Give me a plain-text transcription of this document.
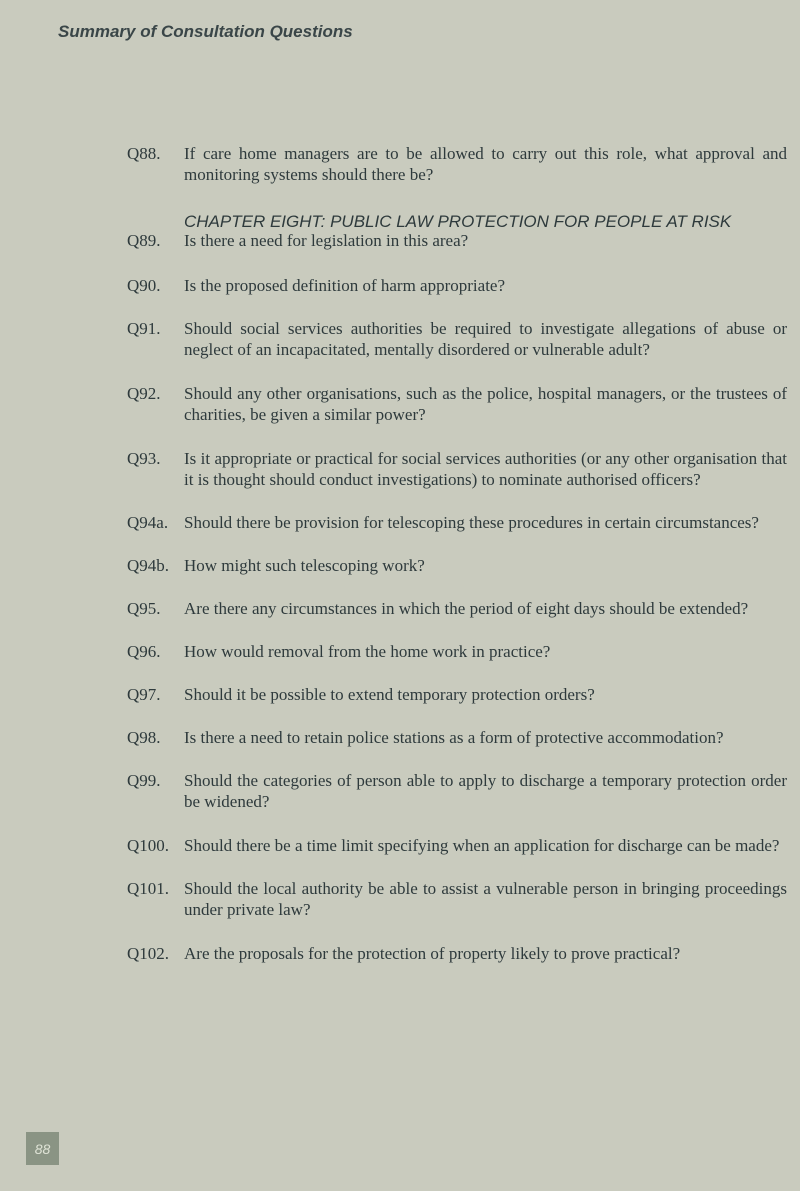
Summary of Consultation Questions
Q88.	If care home managers are to be allowed to carry out this role, what approval and monitoring systems should there be?
CHAPTER EIGHT: PUBLIC LAW PROTECTION FOR PEOPLE AT RISK
Q89.	Is there a need for legislation in this area?
Q90.	Is the proposed definition of harm appropriate?
Q91.	Should social services authorities be required to investigate allegations of abuse or neglect of an incapacitated, mentally disordered or vulnerable adult?
Q92.	Should any other organisations, such as the police, hospital managers, or the trustees of charities, be given a similar power?
Q93.	Is it appropriate or practical for social services authorities (or any other organisation that it is thought should conduct investigations) to nominate authorised officers?
Q94a. Should there be provision for telescoping these procedures in certain circumstances?
Q94b. How might such telescoping work?
Q95.	Are there any circumstances in which the period of eight days should be extended?
Q96.	How would removal from the home work in practice?
Q97.	Should it be possible to extend temporary protection orders?
Q98.	Is there a need to retain police stations as a form of protective accommodation?
Q99.	Should the categories of person able to apply to discharge a temporary protection order be widened?
Q100. Should there be a time limit specifying when an application for discharge can be made?
Q101. Should the local authority be able to assist a vulnerable person in bringing proceedings under private law?
Q102. Are the proposals for the protection of property likely to prove practical?
88
